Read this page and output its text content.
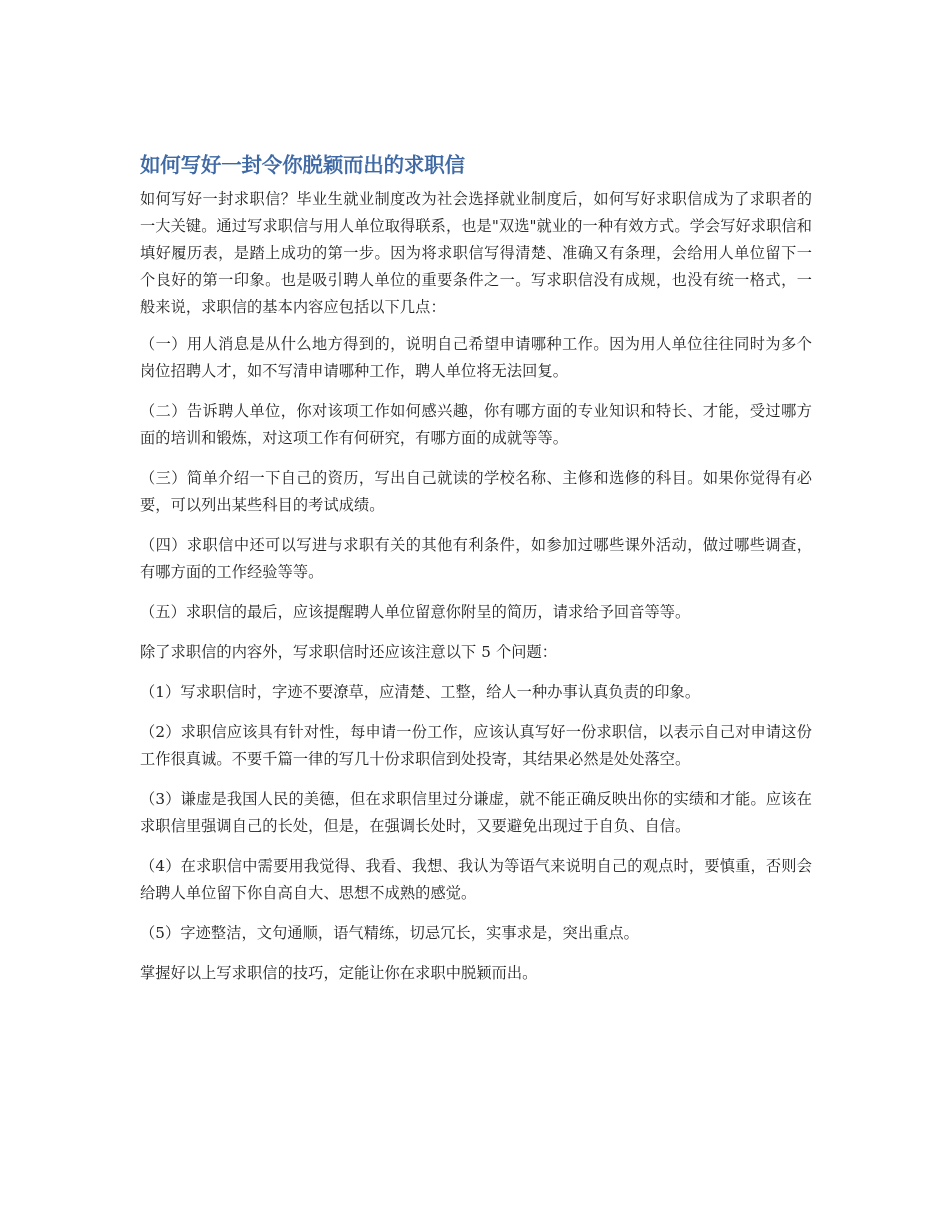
如何写好一封令你脱颖而出的求职信

如何写好一封求职信？毕业生就业制度改为社会选择就业制度后，如何写好求职信成为了求职者的一大关键。通过写求职信与用人单位取得联系，也是"双选"就业的一种有效方式。学会写好求职信和填好履历表，是踏上成功的第一步。因为将求职信写得清楚、准确又有条理，会给用人单位留下一个良好的第一印象。也是吸引聘人单位的重要条件之一。写求职信没有成规，也没有统一格式，一般来说，求职信的基本内容应包括以下几点：

（一）用人消息是从什么地方得到的，说明自己希望申请哪种工作。因为用人单位往往同时为多个岗位招聘人才，如不写清申请哪种工作，聘人单位将无法回复。

（二）告诉聘人单位，你对该项工作如何感兴趣，你有哪方面的专业知识和特长、才能，受过哪方面的培训和锻炼，对这项工作有何研究，有哪方面的成就等等。

（三）简单介绍一下自己的资历，写出自己就读的学校名称、主修和选修的科目。如果你觉得有必要，可以列出某些科目的考试成绩。

（四）求职信中还可以写进与求职有关的其他有利条件，如参加过哪些课外活动，做过哪些调查，有哪方面的工作经验等等。

（五）求职信的最后，应该提醒聘人单位留意你附呈的简历，请求给予回音等等。

除了求职信的内容外，写求职信时还应该注意以下 5 个问题：

（1）写求职信时，字迹不要潦草，应清楚、工整，给人一种办事认真负责的印象。

（2）求职信应该具有针对性，每申请一份工作，应该认真写好一份求职信，以表示自己对申请这份工作很真诚。不要千篇一律的写几十份求职信到处投寄，其结果必然是处处落空。

（3）谦虚是我国人民的美德，但在求职信里过分谦虚，就不能正确反映出你的实绩和才能。应该在求职信里强调自己的长处，但是，在强调长处时，又要避免出现过于自负、自信。

（4）在求职信中需要用我觉得、我看、我想、我认为等语气来说明自己的观点时，要慎重，否则会给聘人单位留下你自高自大、思想不成熟的感觉。

（5）字迹整洁，文句通顺，语气精练，切忌冗长，实事求是，突出重点。

掌握好以上写求职信的技巧，定能让你在求职中脱颖而出。
